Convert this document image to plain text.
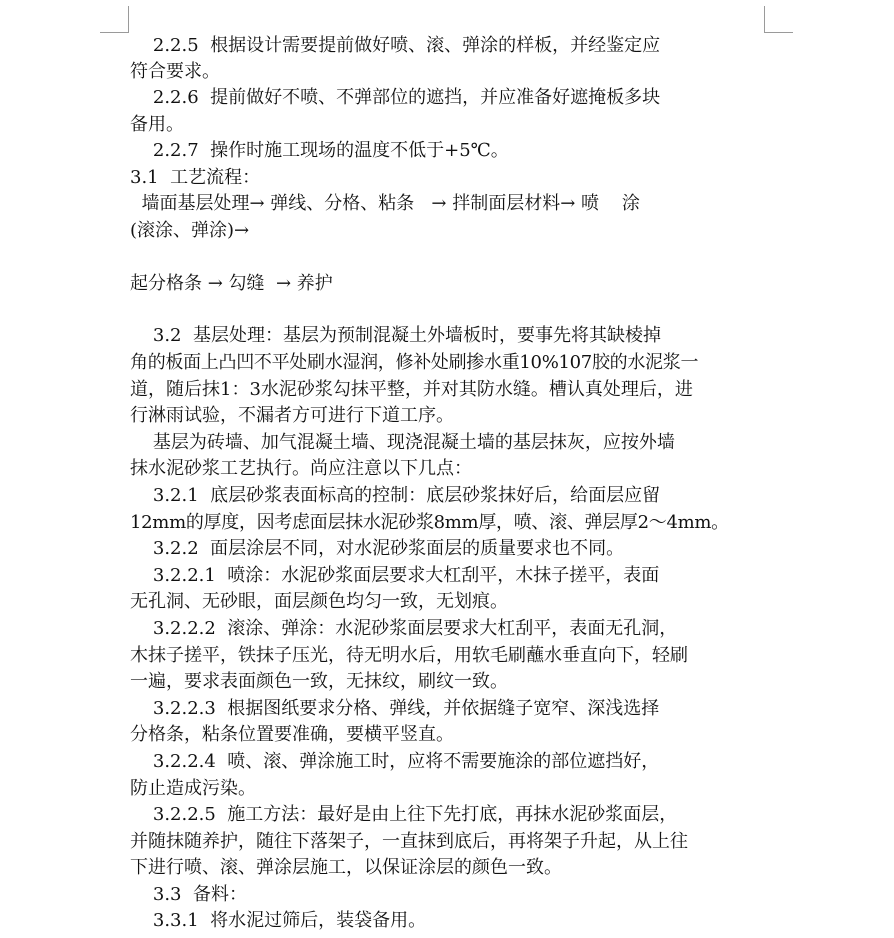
2.2.5  根据设计需要提前做好喷、滚、弹涂的样板，并经鉴定应
符合要求。
2.2.6  提前做好不喷、不弹部位的遮挡，并应准备好遮掩板多块
备用。
2.2.7  操作时施工现场的温度不低于+5℃。
3.1  工艺流程：
墙面基层处理→ 弹线、分格、粘条   → 拌制面层材料→ 喷    涂
(滚涂、弹涂)→
起分格条 → 勾缝  → 养护
3.2  基层处理：基层为预制混凝土外墙板时，要事先将其缺棱掉
角的板面上凸凹不平处刷水湿润，修补处刷掺水重10%107胶的水泥浆一
道，随后抹1：3水泥砂浆勾抹平整，并对其防水缝。槽认真处理后，进
行淋雨试验，不漏者方可进行下道工序。
基层为砖墙、加气混凝土墙、现浇混凝土墙的基层抹灰，应按外墙
抹水泥砂浆工艺执行。尚应注意以下几点：
3.2.1  底层砂浆表面标高的控制：底层砂浆抹好后，给面层应留
12mm的厚度，因考虑面层抹水泥砂浆8mm厚，喷、滚、弹层厚2～4mm。
3.2.2  面层涂层不同，对水泥砂浆面层的质量要求也不同。
3.2.2.1  喷涂：水泥砂浆面层要求大杠刮平，木抹子搓平，表面
无孔洞、无砂眼，面层颜色均匀一致，无划痕。
3.2.2.2  滚涂、弹涂：水泥砂浆面层要求大杠刮平，表面无孔洞，
木抹子搓平，铁抹子压光，待无明水后，用软毛刷蘸水垂直向下，轻刷
一遍，要求表面颜色一致，无抹纹，刷纹一致。
3.2.2.3  根据图纸要求分格、弹线，并依据缝子宽窄、深浅选择
分格条，粘条位置要准确，要横平竖直。
3.2.2.4  喷、滚、弹涂施工时，应将不需要施涂的部位遮挡好，
防止造成污染。
3.2.2.5  施工方法：最好是由上往下先打底，再抹水泥砂浆面层，
并随抹随养护，随往下落架子，一直抹到底后，再将架子升起，从上往
下进行喷、滚、弹涂层施工，以保证涂层的颜色一致。
3.3  备料：
3.3.1  将水泥过筛后，装袋备用。
